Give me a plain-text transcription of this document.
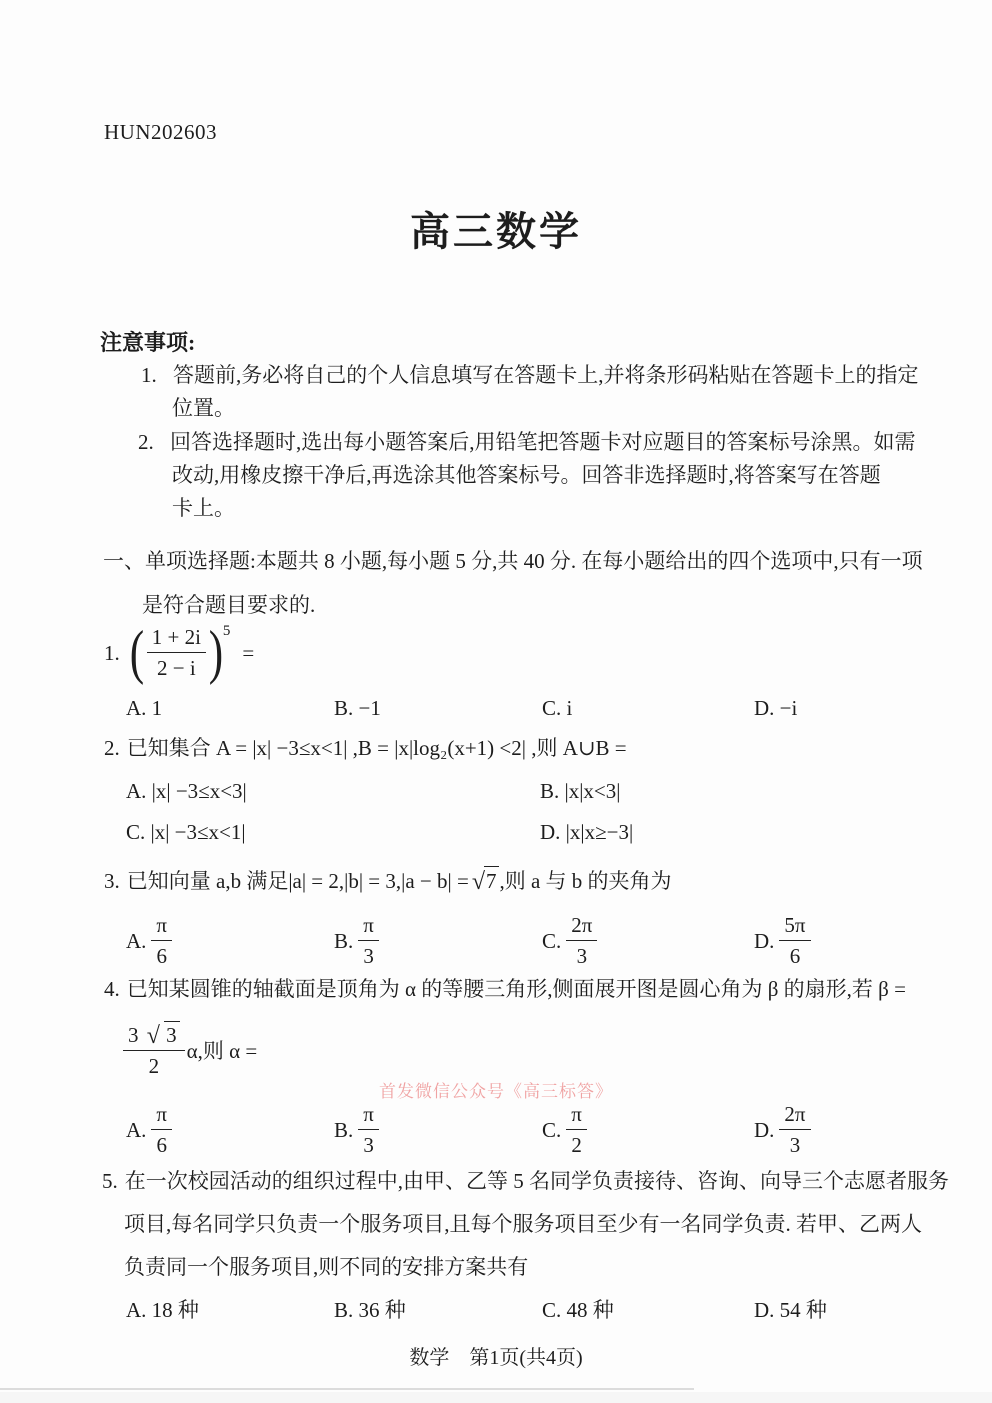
HUN202603
高三数学
注意事项:
1. 答题前,务必将自己的个人信息填写在答题卡上,并将条形码粘贴在答题卡上的指定
位置。
2. 回答选择题时,选出每小题答案后,用铅笔把答题卡对应题目的答案标号涂黑。如需
改动,用橡皮擦干净后,再选涂其他答案标号。回答非选择题时,将答案写在答题
卡上。
一、单项选择题:本题共 8 小题,每小题 5 分,共 40 分. 在每小题给出的四个选项中,只有一项
是符合题目要求的.
1. ( $\frac{1 + 2i}{2 - i}$ ) 5
=
A. 1	B. −1	C. i	D. −i
2. 已知集合 A = |x| −3≤x<1| ,B = |x|log₂(x+1) <2| ,则 A∪B =
A. |x| −3≤x<3|	B. |x|x<3|
C. |x| −3≤x<1|	D. |x|x≥−3|
3. 已知向量 a,b 满足|a| = 2,|b| = 3,|a − b| = √ 7 ,则 a 与 b 的夹角为
A. $\frac{\pi}{6}$	B. $\frac{\pi}{3}$	C. $\frac{2\pi}{3}$	D. $\frac{5\pi}{6}$
4. 已知某圆锥的轴截面是顶角为 α 的等腰三角形,侧面展开图是圆心角为 β 的扇形,若 β =
$\frac{3 √ 3}{2} \alpha$,则 α =
首发微信公众号《高三标答》
A. $\frac{\pi}{6}$	B. $\frac{\pi}{3}$	C. $\frac{\pi}{2}$	D. $\frac{2\pi}{3}$
5. 在一次校园活动的组织过程中,由甲、乙等 5 名同学负责接待、咨询、向导三个志愿者服务
项目,每名同学只负责一个服务项目,且每个服务项目至少有一名同学负责. 若甲、乙两人
负责同一个服务项目,则不同的安排方案共有
A. 18 种	B. 36 种	C. 48 种	D. 54 种
数学　第1页(共4页)
